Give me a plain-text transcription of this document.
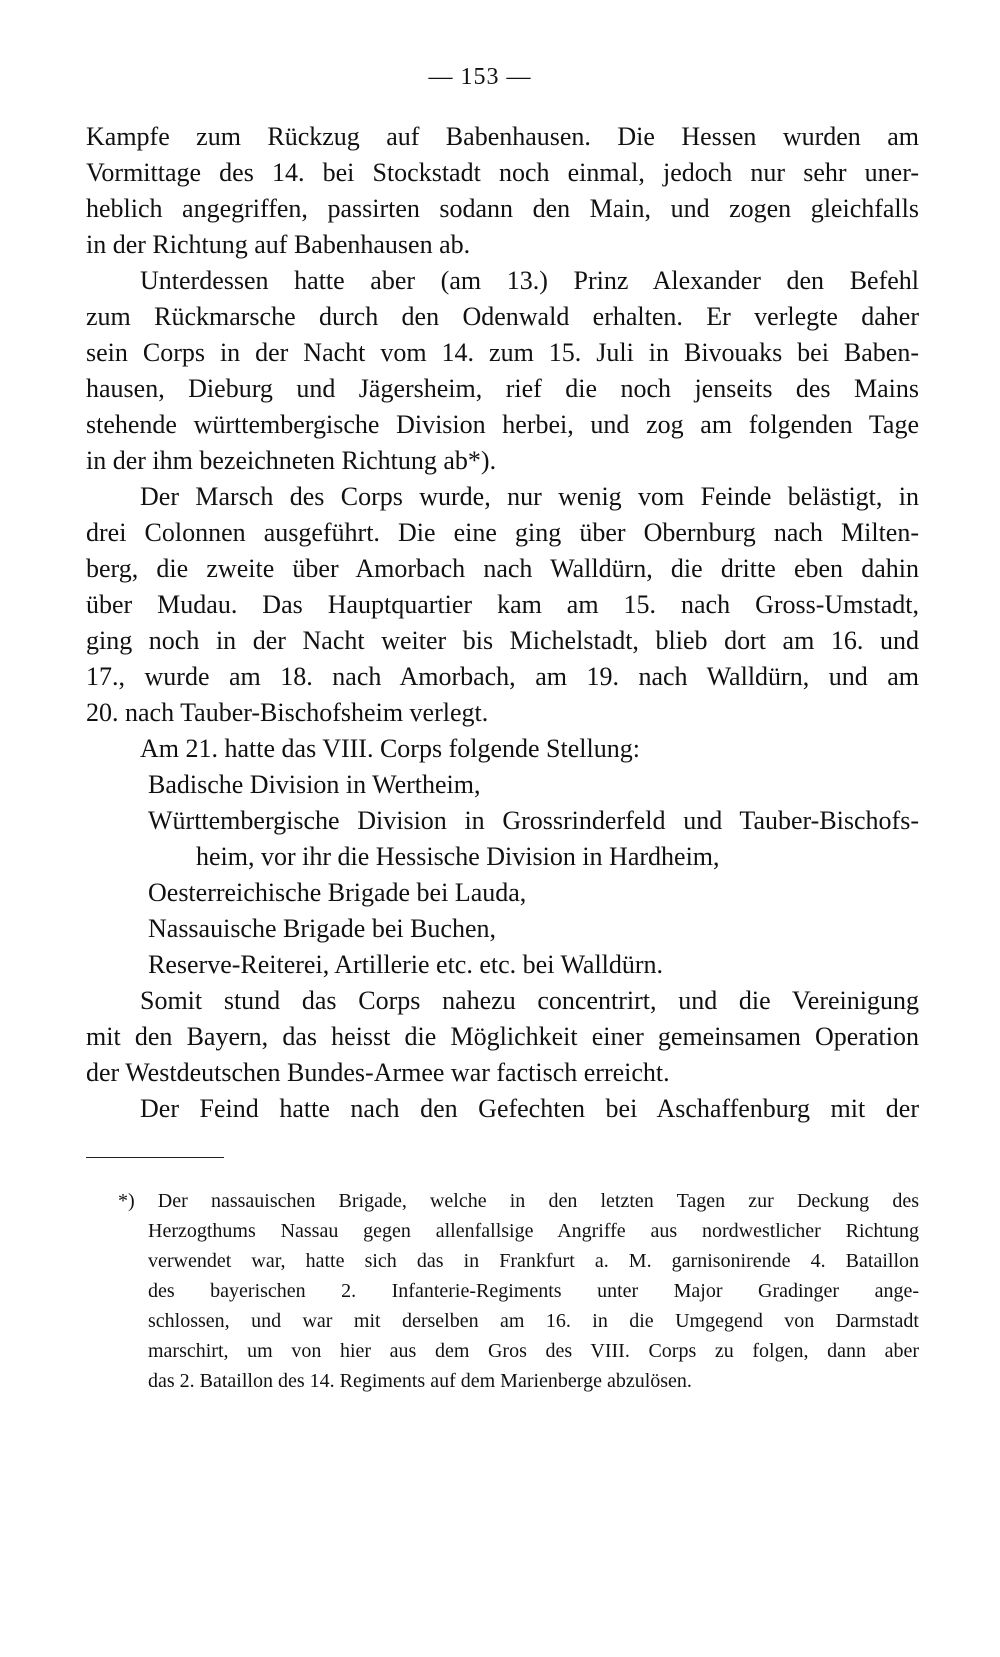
— 153 —
Kampfe zum Rückzug auf Babenhausen. Die Hessen wurden am
Vormittage des 14. bei Stockstadt noch einmal, jedoch nur sehr uner-
heblich angegriffen, passirten sodann den Main, und zogen gleichfalls
in der Richtung auf Babenhausen ab.
Unterdessen hatte aber (am 13.) Prinz Alexander den Befehl
zum Rückmarsche durch den Odenwald erhalten. Er verlegte daher
sein Corps in der Nacht vom 14. zum 15. Juli in Bivouaks bei Baben-
hausen, Dieburg und Jägersheim, rief die noch jenseits des Mains
stehende württembergische Division herbei, und zog am folgenden Tage
in der ihm bezeichneten Richtung ab*).
Der Marsch des Corps wurde, nur wenig vom Feinde belästigt, in
drei Colonnen ausgeführt. Die eine ging über Obernburg nach Milten-
berg, die zweite über Amorbach nach Walldürn, die dritte eben dahin
über Mudau. Das Hauptquartier kam am 15. nach Gross-Umstadt,
ging noch in der Nacht weiter bis Michelstadt, blieb dort am 16. und
17., wurde am 18. nach Amorbach, am 19. nach Walldürn, und am
20. nach Tauber-Bischofsheim verlegt.
Am 21. hatte das VIII. Corps folgende Stellung:
Badische Division in Wertheim,
Württembergische Division in Grossrinderfeld und Tauber-Bischofs-
heim, vor ihr die Hessische Division in Hardheim,
Oesterreichische Brigade bei Lauda,
Nassauische Brigade bei Buchen,
Reserve-Reiterei, Artillerie etc. etc. bei Walldürn.
Somit stund das Corps nahezu concentrirt, und die Vereinigung
mit den Bayern, das heisst die Möglichkeit einer gemeinsamen Operation
der Westdeutschen Bundes-Armee war factisch erreicht.
Der Feind hatte nach den Gefechten bei Aschaffenburg mit der
*) Der nassauischen Brigade, welche in den letzten Tagen zur Deckung des
Herzogthums Nassau gegen allenfallsige Angriffe aus nordwestlicher Richtung
verwendet war, hatte sich das in Frankfurt a. M. garnisonirende 4. Bataillon
des bayerischen 2. Infanterie-Regiments unter Major Gradinger ange-
schlossen, und war mit derselben am 16. in die Umgegend von Darmstadt
marschirt, um von hier aus dem Gros des VIII. Corps zu folgen, dann aber
das 2. Bataillon des 14. Regiments auf dem Marienberge abzulösen.
